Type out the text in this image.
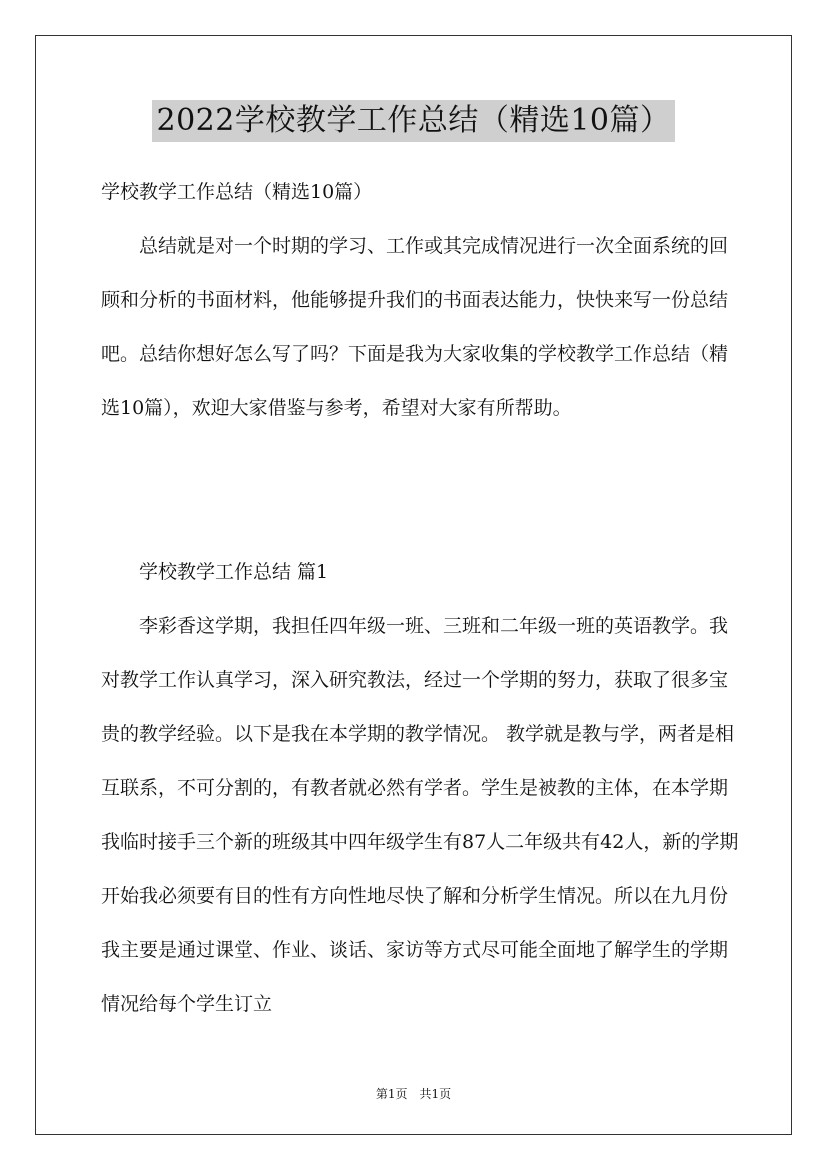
2022学校教学工作总结（精选10篇）

学校教学工作总结（精选10篇）

总结就是对一个时期的学习、工作或其完成情况进行一次全面系统的回顾和分析的书面材料，他能够提升我们的书面表达能力，快快来写一份总结吧。总结你想好怎么写了吗？下面是我为大家收集的学校教学工作总结（精选10篇），欢迎大家借鉴与参考，希望对大家有所帮助。

学校教学工作总结 篇1

李彩香这学期，我担任四年级一班、三班和二年级一班的英语教学。我对教学工作认真学习，深入研究教法，经过一个学期的努力，获取了很多宝贵的教学经验。以下是我在本学期的教学情况。 教学就是教与学，两者是相互联系，不可分割的，有教者就必然有学者。学生是被教的主体，在本学期我临时接手三个新的班级其中四年级学生有87人二年级共有42人，新的学期开始我必须要有目的性有方向性地尽快了解和分析学生情况。所以在九月份我主要是通过课堂、作业、谈话、家访等方式尽可能全面地了解学生的学期情况给每个学生订立

第1页　共1页
